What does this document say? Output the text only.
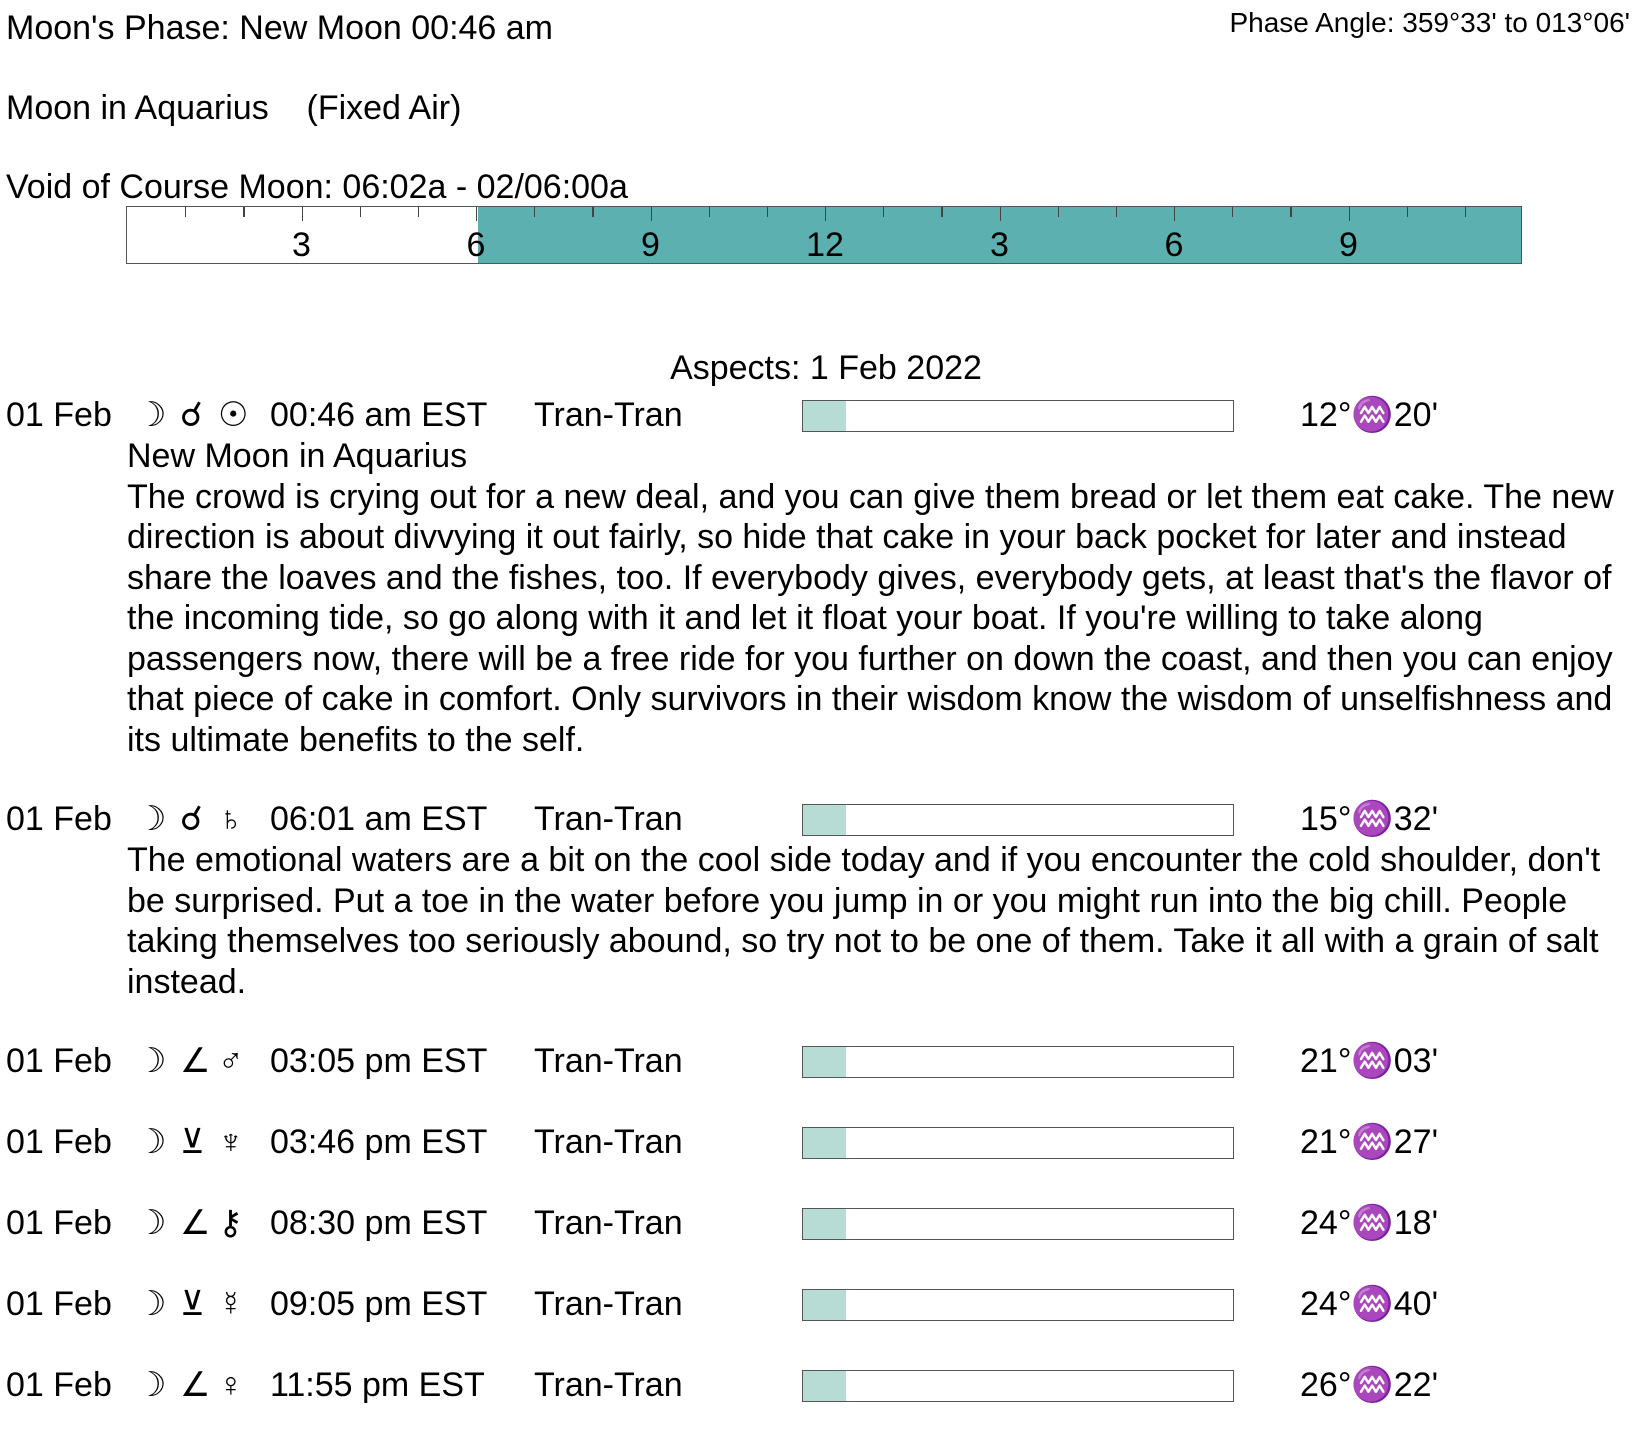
Moon's Phase: New Moon 00:46 am	Phase Angle: 359°33' to 013°06'
Moon in Aquarius    (Fixed Air)
Void of Course Moon: 06:02a - 02/06:00a
3	6	9	12	3	6	9
Aspects: 1 Feb 2022
01 Feb ☽ ☌ ☉ 00:46 am EST Tran-Tran	12°♒20'
New Moon in Aquarius
The crowd is crying out for a new deal, and you can give them bread or let them eat cake. The new direction is about divvying it out fairly, so hide that cake in your back pocket for later and instead share the loaves and the fishes, too. If everybody gives, everybody gets, at least that's the flavor of the incoming tide, so go along with it and let it float your boat. If you're willing to take along passengers now, there will be a free ride for you further on down the coast, and then you can enjoy that piece of cake in comfort. Only survivors in their wisdom know the wisdom of unselfishness and its ultimate benefits to the self.
01 Feb ☽ ☌ ♄ 06:01 am EST Tran-Tran	15°♒32'
The emotional waters are a bit on the cool side today and if you encounter the cold shoulder, don't be surprised. Put a toe in the water before you jump in or you might run into the big chill. People taking themselves too seriously abound, so try not to be one of them. Take it all with a grain of salt instead.
01 Feb ☽ ∠ ♂ 03:05 pm EST Tran-Tran	21°♒03'
01 Feb ☽ ⊻ ♆ 03:46 pm EST Tran-Tran	21°♒27'
01 Feb ☽ ∠ ⚷ 08:30 pm EST Tran-Tran	24°♒18'
01 Feb ☽ ⊻ ☿ 09:05 pm EST Tran-Tran	24°♒40'
01 Feb ☽ ∠ ♀ 11:55 pm EST Tran-Tran	26°♒22'
